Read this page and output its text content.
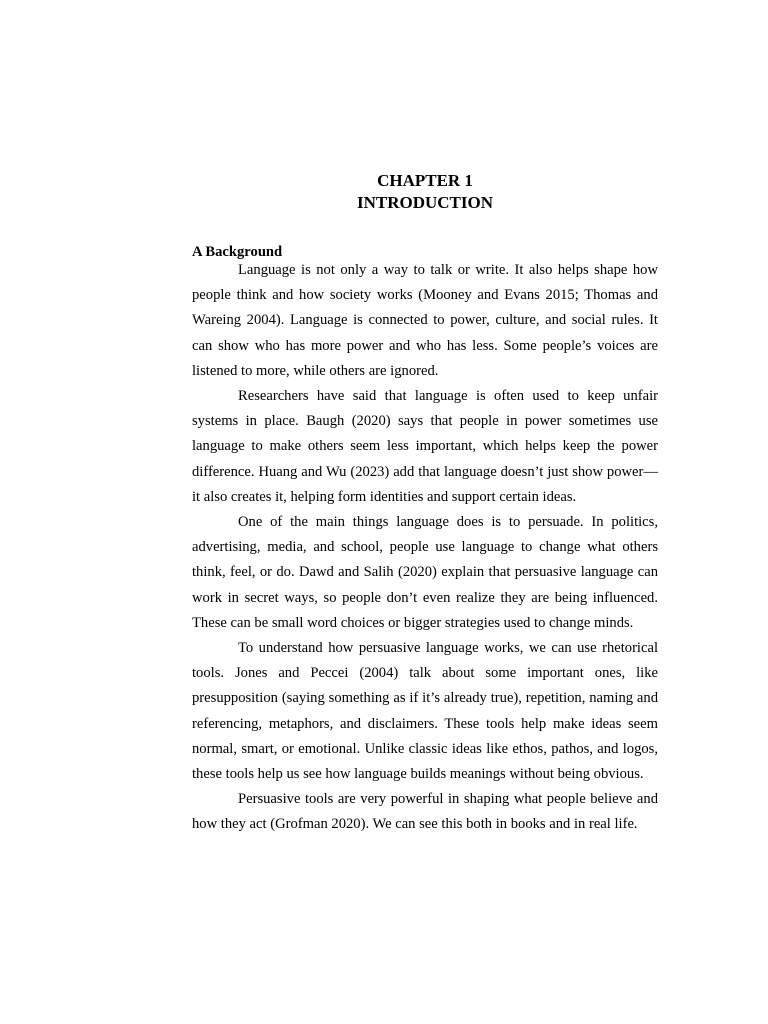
CHAPTER 1
INTRODUCTION

A Background

Language is not only a way to talk or write. It also helps shape how people think and how society works (Mooney and Evans 2015; Thomas and Wareing 2004). Language is connected to power, culture, and social rules. It can show who has more power and who has less. Some people’s voices are listened to more, while others are ignored.

Researchers have said that language is often used to keep unfair systems in place. Baugh (2020) says that people in power sometimes use language to make others seem less important, which helps keep the power difference. Huang and Wu (2023) add that language doesn’t just show power—it also creates it, helping form identities and support certain ideas.

One of the main things language does is to persuade. In politics, advertising, media, and school, people use language to change what others think, feel, or do. Dawd and Salih (2020) explain that persuasive language can work in secret ways, so people don’t even realize they are being influenced. These can be small word choices or bigger strategies used to change minds.

To understand how persuasive language works, we can use rhetorical tools. Jones and Peccei (2004) talk about some important ones, like presupposition (saying something as if it’s already true), repetition, naming and referencing, metaphors, and disclaimers. These tools help make ideas seem normal, smart, or emotional. Unlike classic ideas like ethos, pathos, and logos, these tools help us see how language builds meanings without being obvious.

Persuasive tools are very powerful in shaping what people believe and how they act (Grofman 2020). We can see this both in books and in real life.
